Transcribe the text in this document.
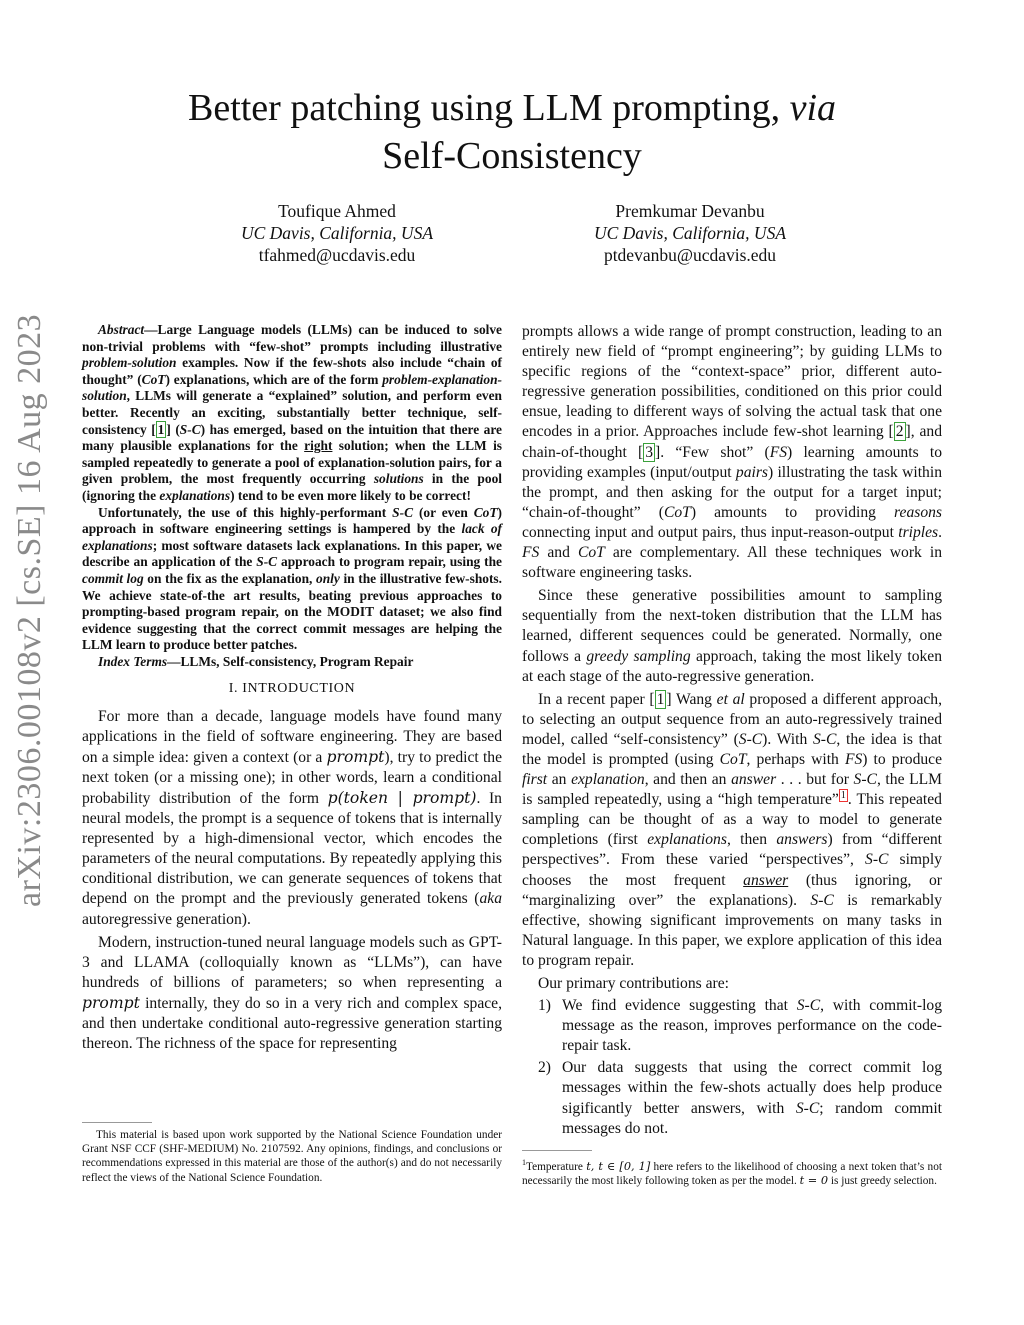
arXiv:2306.00108v2 [cs.SE] 16 Aug 2023
Better patching using LLM prompting, via
Self-Consistency
Toufique Ahmed
UC Davis, California, USA
tfahmed@ucdavis.edu
Premkumar Devanbu
UC Davis, California, USA
ptdevanbu@ucdavis.edu

Abstract—Large Language models (LLMs) can be induced to solve non-trivial problems with “few-shot” prompts including illustrative problem-solution examples. Now if the few-shots also include “chain of thought” (CoT) explanations, which are of the form problem-explanation-solution, LLMs will generate a “explained” solution, and perform even better. Recently an exciting, substantially better technique, self-consistency [ 1 ] (S-C) has emerged, based on the intuition that there are many plausible explanations for the right solution; when the LLM is sampled repeatedly to generate a pool of explanation-solution pairs, for a given problem, the most frequently occurring solutions in the pool (ignoring the explanations) tend to be even more likely to be correct!

Unfortunately, the use of this highly-performant S-C (or even CoT) approach in software engineering settings is hampered by the lack of explanations; most software datasets lack explanations. In this paper, we describe an application of the S-C approach to program repair, using the commit log on the fix as the explanation, only in the illustrative few-shots. We achieve state-of-the art results, beating previous approaches to prompting-based program repair, on the MODIT dataset; we also find evidence suggesting that the correct commit messages are helping the LLM learn to produce better patches.

Index Terms—LLMs, Self-consistency, Program Repair

I. INTRODUCTION

For more than a decade, language models have found many applications in the field of software engineering. They are based on a simple idea: given a context (or a prompt), try to predict the next token (or a missing one); in other words, learn a conditional probability distribution of the form p(token | prompt). In neural models, the prompt is a sequence of tokens that is internally represented by a high-dimensional vector, which encodes the parameters of the neural computations. By repeatedly applying this conditional distribution, we can generate sequences of tokens that depend on the prompt and the previously generated tokens (aka autoregressive generation).

Modern, instruction-tuned neural language models such as GPT-3 and LLAMA (colloquially known as “LLMs”), can have hundreds of billions of parameters; so when representing a prompt internally, they do so in a very rich and complex space, and then undertake conditional auto-regressive generation starting thereon. The richness of the space for representing

This material is based upon work supported by the National Science Foundation under Grant NSF CCF (SHF-MEDIUM) No. 2107592. Any opinions, findings, and conclusions or recommendations expressed in this material are those of the author(s) and do not necessarily reflect the views of the National Science Foundation.

prompts allows a wide range of prompt construction, leading to an entirely new field of “prompt engineering”; by guiding LLMs to specific regions of the “context-space” prior, different auto-regressive generation possibilities, conditioned on this prior could ensue, leading to different ways of solving the actual task that one encodes in a prior. Approaches include few-shot learning [ 2 ], and chain-of-thought [ 3 ]. “Few shot” (FS) learning amounts to providing examples (input/output pairs) illustrating the task within the prompt, and then asking for the output for a target input; “chain-of-thought” (CoT) amounts to providing reasons connecting input and output pairs, thus input-reason-output triples. FS and CoT are complementary. All these techniques work in software engineering tasks.

Since these generative possibilities amount to sampling sequentially from the next-token distribution that the LLM has learned, different sequences could be generated. Normally, one follows a greedy sampling approach, taking the most likely token at each stage of the auto-regressive generation.

In a recent paper [ 1 ] Wang et al proposed a different approach, to selecting an output sequence from an auto-regressively trained model, called “self-consistency” (S-C). With S-C, the idea is that the model is prompted (using CoT, perhaps with FS) to produce first an explanation, and then an answer . . . but for S-C, the LLM is sampled repeatedly, using a “high temperature” $^1$ . This repeated sampling can be thought of as a way to model to generate completions (first explanations, then answers) from “different perspectives”. From these varied “perspectives”, S-C simply chooses the most frequent answer (thus ignoring, or “marginalizing over” the explanations). S-C is remarkably effective, showing significant improvements on many tasks in Natural language. In this paper, we explore application of this idea to program repair.

Our primary contributions are:

1) We find evidence suggesting that S-C, with commit-log message as the reason, improves performance on the code-repair task.
2) Our data suggests that using the correct commit log messages within the few-shots actually does help produce sigificantly better answers, with S-C; random commit messages do not.
$^1$Temperature t, t ∈ [0, 1] here refers to the likelihood of choosing a next token that’s not necessarily the most likely following token as per the model. t = 0 is just greedy selection.
